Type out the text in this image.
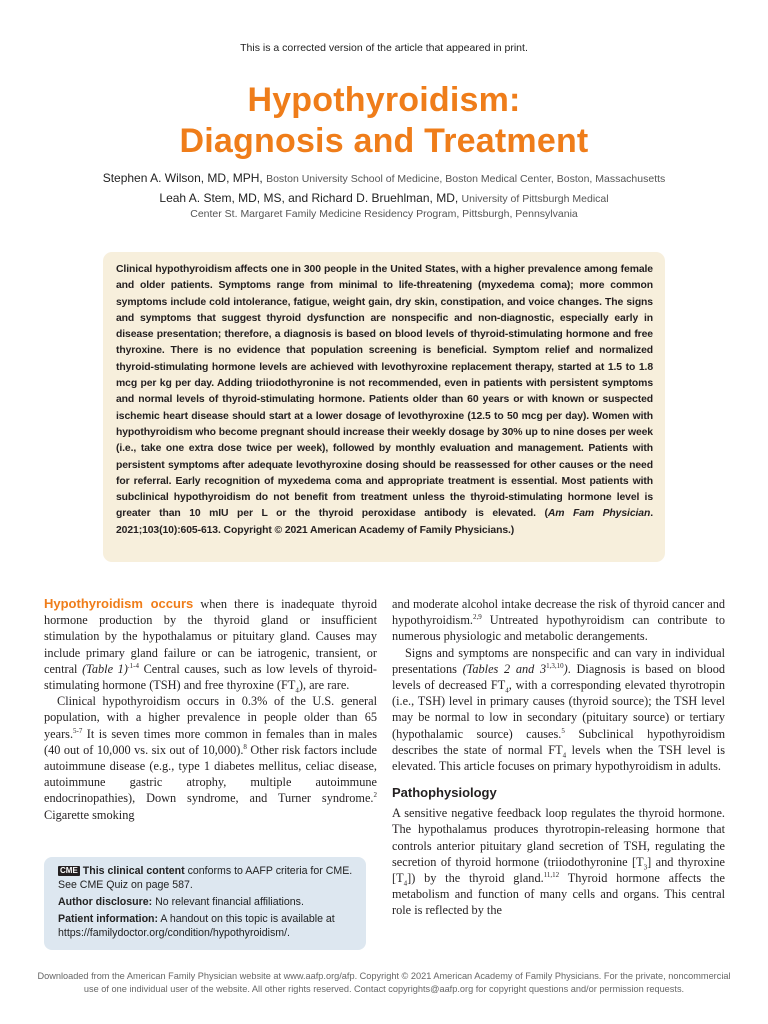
This is a corrected version of the article that appeared in print.
Hypothyroidism:
Diagnosis and Treatment
Stephen A. Wilson, MD, MPH, Boston University School of Medicine, Boston Medical Center, Boston, Massachusetts
Leah A. Stem, MD, MS, and Richard D. Bruehlman, MD, University of Pittsburgh Medical
Center St. Margaret Family Medicine Residency Program, Pittsburgh, Pennsylvania

Clinical hypothyroidism affects one in 300 people in the United States, with a higher prevalence among female and older patients. Symptoms range from minimal to life-threatening (myxedema coma); more common symptoms include cold intolerance, fatigue, weight gain, dry skin, constipation, and voice changes. The signs and symptoms that suggest thyroid dysfunction are nonspecific and non-diagnostic, especially early in disease presentation; therefore, a diagnosis is based on blood levels of thyroid-stimulating hormone and free thyroxine. There is no evidence that population screening is beneficial. Symptom relief and normalized thyroid-stimulating hormone levels are achieved with levothyroxine replacement therapy, started at 1.5 to 1.8 mcg per kg per day. Adding triiodothyronine is not recommended, even in patients with persistent symptoms and normal levels of thyroid-stimulating hormone. Patients older than 60 years or with known or suspected ischemic heart disease should start at a lower dosage of levothyroxine (12.5 to 50 mcg per day). Women with hypothyroidism who become pregnant should increase their weekly dosage by 30% up to nine doses per week (i.e., take one extra dose twice per week), followed by monthly evaluation and management. Patients with persistent symptoms after adequate levothyroxine dosing should be reassessed for other causes or the need for referral. Early recognition of myxedema coma and appropriate treatment is essential. Most patients with subclinical hypothyroidism do not benefit from treatment unless the thyroid-stimulating hormone level is greater than 10 mIU per L or the thyroid peroxidase antibody is elevated. (Am Fam Physician. 2021;103(10):605-613. Copyright © 2021 American Academy of Family Physicians.)

Hypothyroidism occurs when there is inadequate thyroid hormone production by the thyroid gland or insufficient stimulation by the hypothalamus or pituitary gland. Causes may include primary gland failure or can be iatrogenic, transient, or central (Table 1)$^{.1-4}$ Central causes, such as low levels of thyroid-stimulating hormone (TSH) and free thyroxine $(FT_4)$, are rare.

Clinical hypothyroidism occurs in 0.3% of the U.S. general population, with a higher prevalence in people older than 65 years.$^{5-7}$ It is seven times more common in females than in males (40 out of 10,000 vs. six out of 10,000).$^8$ Other risk factors include autoimmune disease (e.g., type 1 diabetes mellitus, celiac disease, autoimmune gastric atrophy, multiple autoimmune endocrinopathies), Down syndrome, and Turner syndrome.$^2$ Cigarette smoking

CME This clinical content conforms to AAFP criteria for CME. See CME Quiz on page 587.

Author disclosure: No relevant financial affiliations.

Patient information: A handout on this topic is available at https://familydoctor.org/condition/hypothyroidism/.

and moderate alcohol intake decrease the risk of thyroid cancer and hypothyroidism.$^{2,9}$ Untreated hypothyroidism can contribute to numerous physiologic and metabolic derangements.

Signs and symptoms are nonspecific and can vary in individual presentations (Tables 2 and 3$^{1,3,10}$). Diagnosis is based on blood levels of decreased $FT_4$, with a corresponding elevated thyrotropin (i.e., TSH) level in primary causes (thyroid source); the TSH level may be normal to low in secondary (pituitary source) or tertiary (hypothalamic source) causes.$^5$ Subclinical hypothyroidism describes the state of normal $FT_4$ levels when the TSH level is elevated. This article focuses on primary hypothyroidism in adults.

Pathophysiology

A sensitive negative feedback loop regulates the thyroid hormone. The hypothalamus produces thyrotropin-releasing hormone that controls anterior pituitary gland secretion of TSH, regulating the secretion of thyroid hormone (triiodothyronine $[T_3]$ and thyroxine $[T_4]$) by the thyroid gland.$^{11,12}$ Thyroid hormone affects the metabolism and function of many cells and organs. This central role is reflected by the

Downloaded from the American Family Physician website at www.aafp.org/afp. Copyright © 2021 American Academy of Family Physicians. For the private, noncommercial use of one individual user of the website. All other rights reserved. Contact copyrights@aafp.org for copyright questions and/or permission requests.
